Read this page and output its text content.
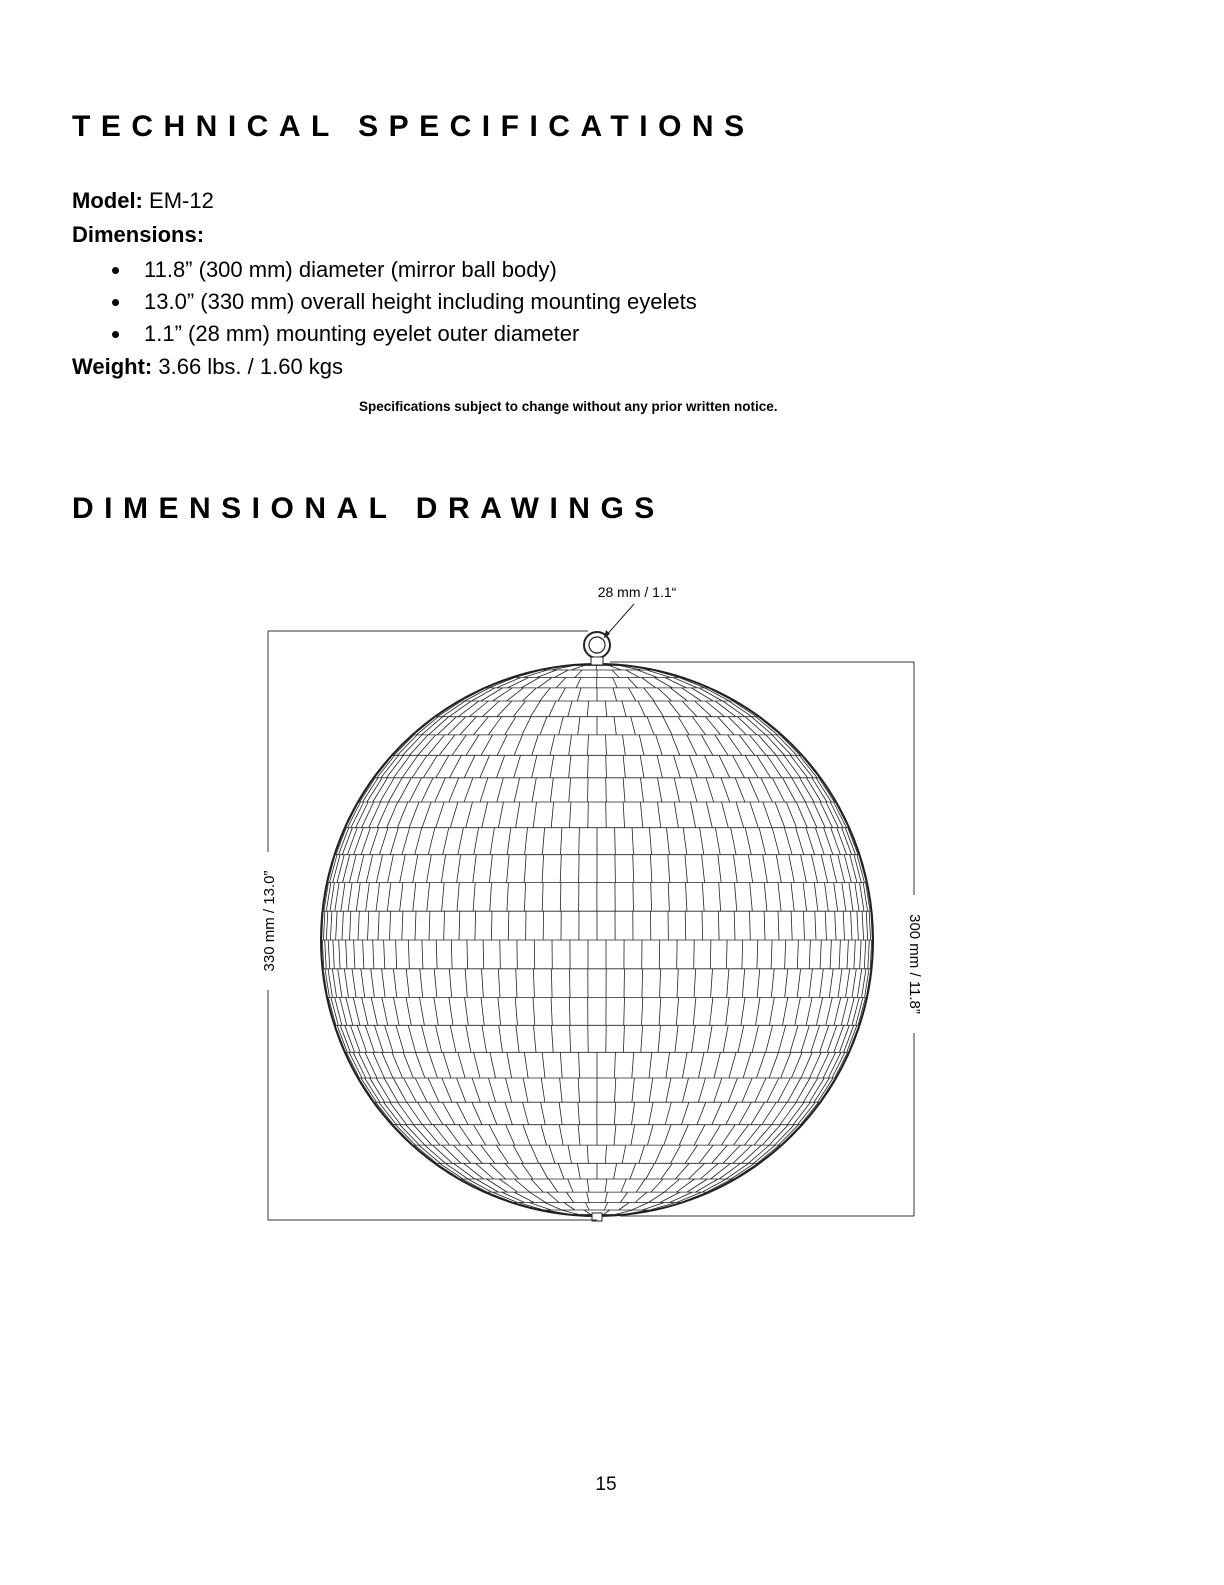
TECHNICAL SPECIFICATIONS
Model: EM-12
Dimensions:
11.8” (300 mm) diameter (mirror ball body)
13.0” (330 mm) overall height including mounting eyelets
1.1” (28 mm) mounting eyelet outer diameter
Weight: 3.66 lbs. / 1.60 kgs
Specifications subject to change without any prior written notice.
DIMENSIONAL DRAWINGS
28 mm / 1.1“
330 mm / 13.0”	300 mm / 11.8”
15
